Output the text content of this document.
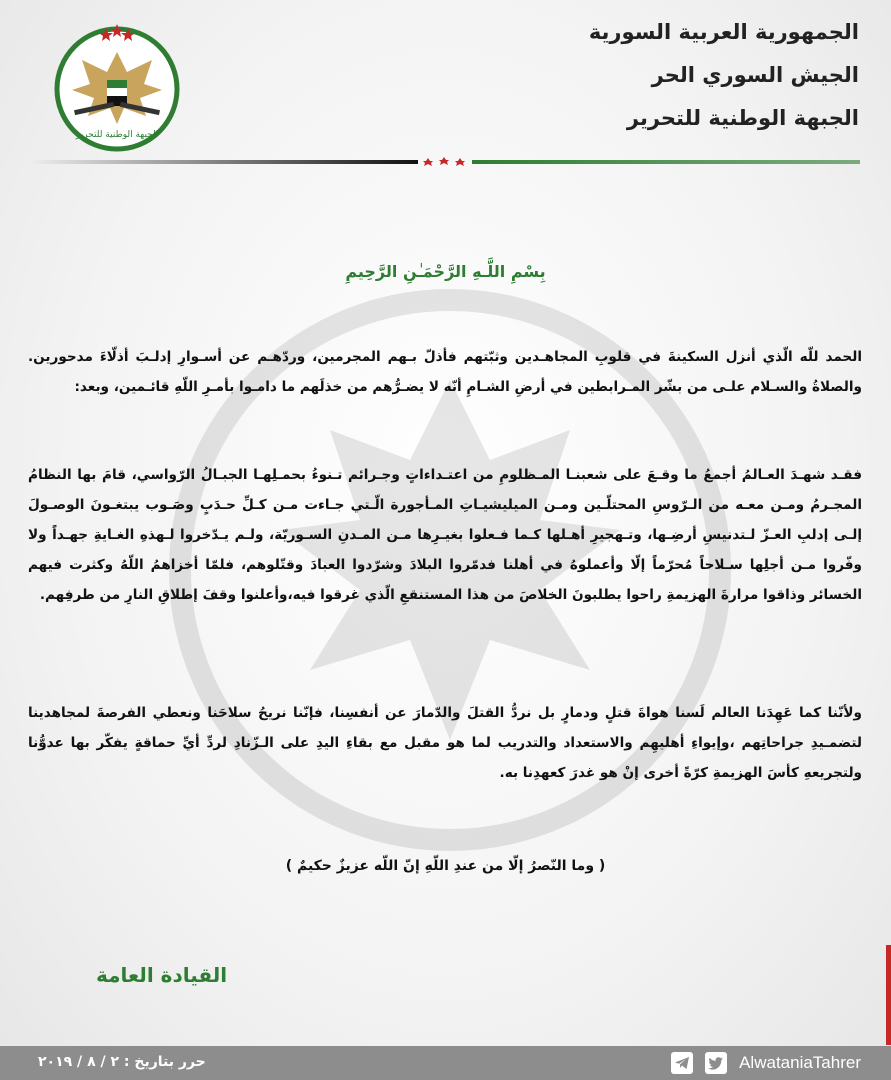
الجبهة الوطنية للتحرير
الجمهورية العربية السورية
الجيش السوري الحر
الجبهة الوطنية للتحرير
بِسْمِ اللَّـهِ الرَّحْمَـٰنِ الرَّحِيمِ
الحمد للّه الّذي أنزل السكينةَ في قلوبِ المجاهـدين وثبّتهم فأذلّ بـهم المجرمين، وردّهـم عن أسـوارِ إدلـبَ أذلّاءَ مدحورين. والصلاةُ والسـلام علـى من بشّر المـرابطين في أرضِ الشـامِ أنّه لا يضـرُّهم من خذلَهم ما دامـوا بأمـرِ اللّهِ قائـمين، وبعد:
فقـد شهـدَ العـالمُ أجمعُ ما وقـعَ على شعبنـا المـظلومِ من اعتـداءاتٍ وجـرائم تـنوءُ بحمـلِهـا الجبـالُ الرّواسي، قامَ بها النظامُ المجـرمُ ومـن معـه من الـرّوسِ المحتلّـين ومـن الميليشيـاتِ المـأجورة الّـتي جـاءت مـن كـلِّ حـدَبٍ وصَـوب يبتغـونَ الوصـولَ إلـى إدلبِ العـزّ لـتدنيسِ أرضِـها، وتـهجيرِ أهـلها كـما فـعلوا بغيـرِها مـن المـدنِ السـوريّة، ولـم يـدّخروا لـهذهِ الغـايةِ جهـداً ولا وفّروا مـن أجلِها سـلاحاً مُحرّماً إلّا وأعملوهُ في أهلنا فدمّروا البلادَ وشرّدوا العبادَ وقتّلوهم، فلمّا أخزاهمُ اللّهُ وكثرت فيهم الخسائر وذاقوا مرارةَ الهزيمةِ راحوا يطلبونَ الخلاصَ من هذا المستنقعِ الّذي غرقوا فيه،وأعلنوا وقفَ إطلاقِ النارِ من طرفِهم.
ولأنّنا كما عَهِدَنا العالم لَسنا هواةَ قتلٍ ودمارٍ بل نردُّ القتلَ والدّمارَ عن أنفسِنا، فإنّنا نريحُ سلاحَنا ونعطي الفرصةَ لمجاهدينا لتضمـيدِ جراحاتِهم ،وإيواءِ أهليهِم والاستعداد والتدريب لما هو مقبل مع بقاءِ اليدِ على الـزّنادِ لردِّ أيِّ حماقةٍ يفكّر بها عدوُّنا ولتجريعهِ كأسَ الهزيمةِ كرّةً أخرى إنْ هو غدرَ كعهدِنا به.
( وما النّصرُ إلّا من عندِ اللّهِ إنّ اللّه عزيزٌ حكيمٌ )
القيادة العامة
حرر بتاريخ : ٢ / ٨ / ٢٠١٩	AlwataniaTahrer
